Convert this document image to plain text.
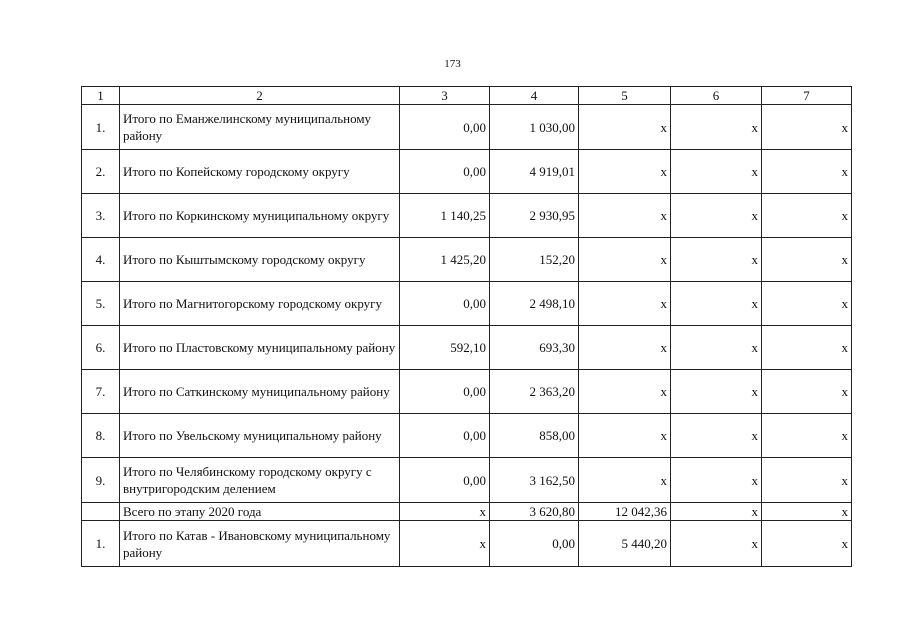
173
1	2	3	4	5	6	7
1.	Итого по Еманжелинскому муниципальному району	0,00	1 030,00	x	x	x
2.	Итого по Копейскому городскому округу	0,00	4 919,01	x	x	x
3.	Итого по Коркинскому муниципальному округу	1 140,25	2 930,95	x	x	x
4.	Итого по Кыштымскому городскому округу	1 425,20	152,20	x	x	x
5.	Итого по Магнитогорскому городскому округу	0,00	2 498,10	x	x	x
6.	Итого по Пластовскому муниципальному району	592,10	693,30	x	x	x
7.	Итого по Саткинскому муниципальному району	0,00	2 363,20	x	x	x
8.	Итого по Увельскому муниципальному району	0,00	858,00	x	x	x
9.	Итого по Челябинскому городскому округу с внутригородским делением	0,00	3 162,50	x	x	x
	Всего по этапу 2020 года	x	3 620,80	12 042,36	x	x
1.	Итого по Катав - Ивановскому муниципальному району	x	0,00	5 440,20	x	x
